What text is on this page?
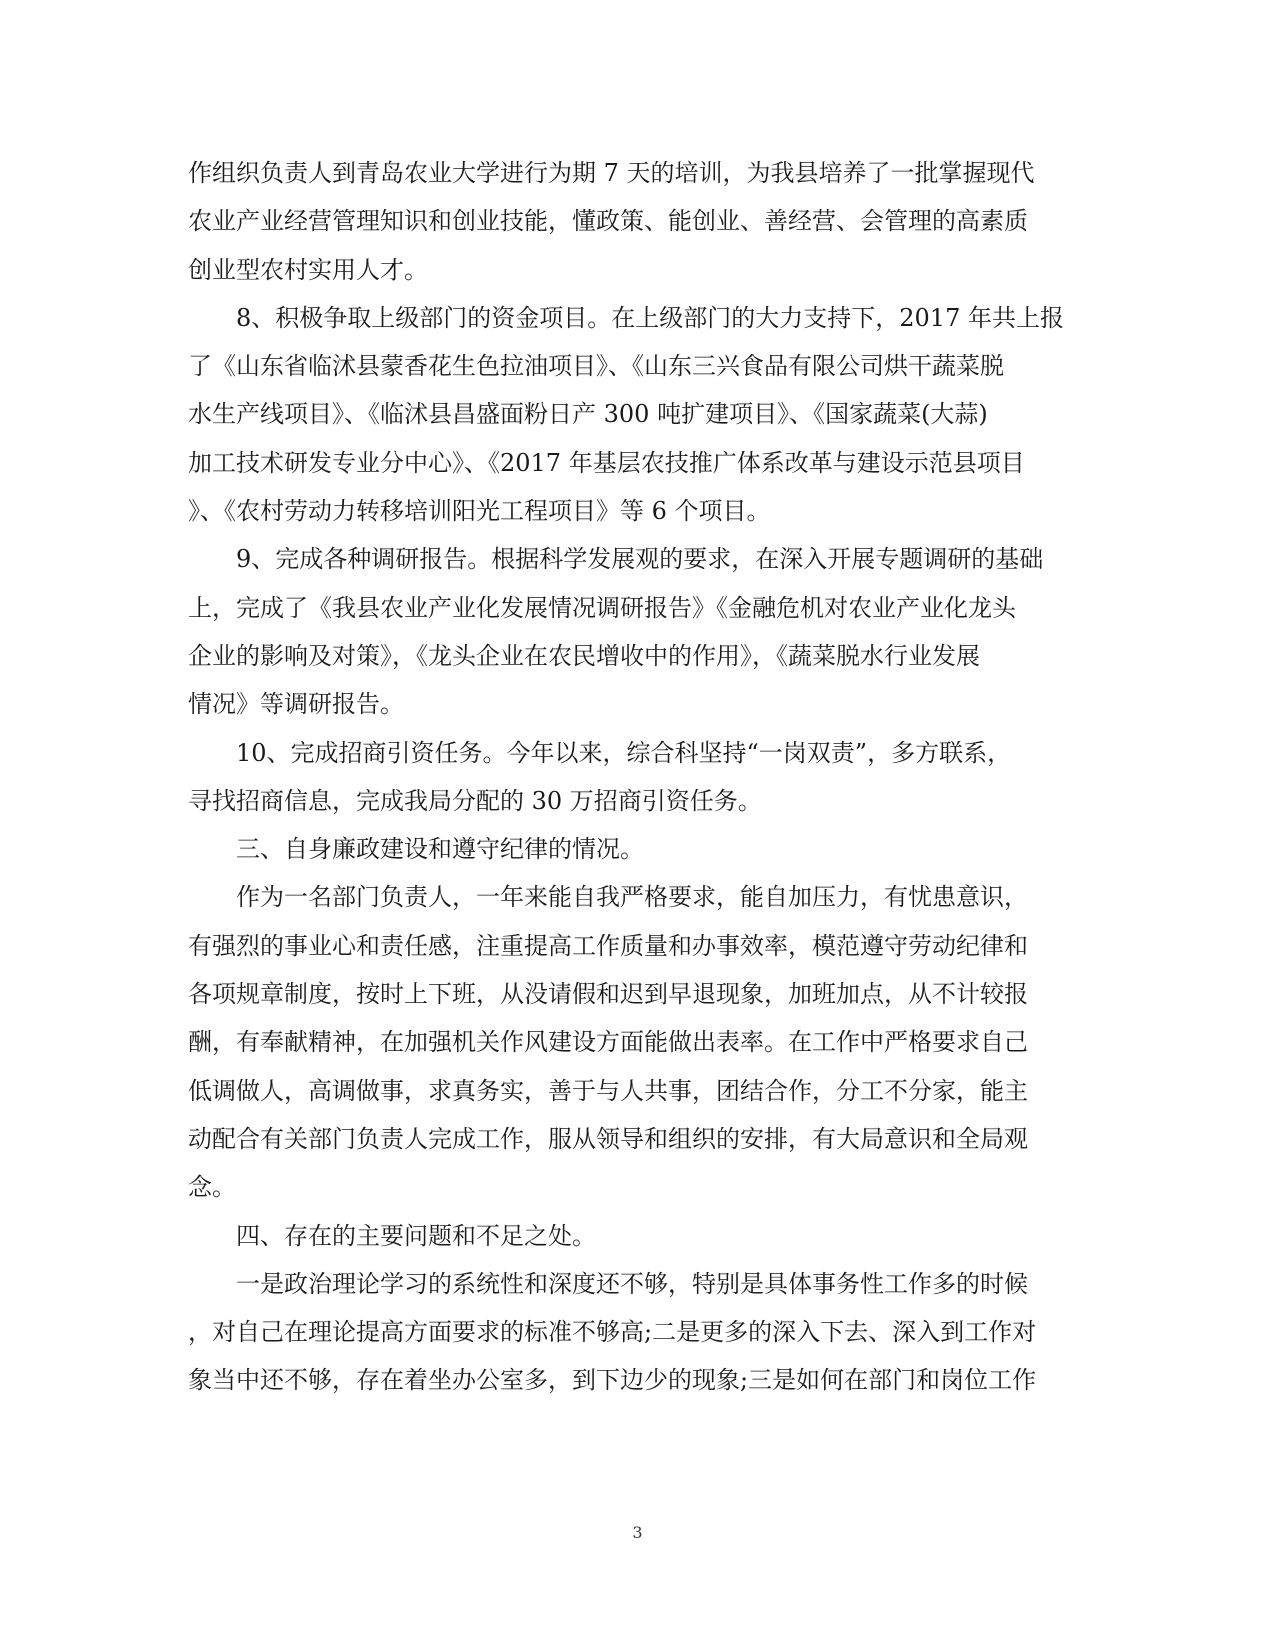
作组织负责人到青岛农业大学进行为期 7 天的培训，为我县培养了一批掌握现代
农业产业经营管理知识和创业技能，懂政策、能创业、善经营、会管理的高素质
创业型农村实用人才。
8、积极争取上级部门的资金项目。在上级部门的大力支持下，2017 年共上报
了《山东省临沭县蒙香花生色拉油项目》、《山东三兴食品有限公司烘干蔬菜脱
水生产线项目》、《临沭县昌盛面粉日产 300 吨扩建项目》、《国家蔬菜(大蒜)
加工技术研发专业分中心》、《2017 年基层农技推广体系改革与建设示范县项目
》、《农村劳动力转移培训阳光工程项目》等 6 个项目。
9、完成各种调研报告。根据科学发展观的要求，在深入开展专题调研的基础
上，完成了《我县农业产业化发展情况调研报告》《金融危机对农业产业化龙头
企业的影响及对策》，《龙头企业在农民增收中的作用》，《蔬菜脱水行业发展
情况》等调研报告。
10、完成招商引资任务。今年以来，综合科坚持“一岗双责”，多方联系，
寻找招商信息，完成我局分配的 30 万招商引资任务。
三、自身廉政建设和遵守纪律的情况。
作为一名部门负责人，一年来能自我严格要求，能自加压力，有忧患意识，
有强烈的事业心和责任感，注重提高工作质量和办事效率，模范遵守劳动纪律和
各项规章制度，按时上下班，从没请假和迟到早退现象，加班加点，从不计较报
酬，有奉献精神，在加强机关作风建设方面能做出表率。在工作中严格要求自己
低调做人，高调做事，求真务实，善于与人共事，团结合作，分工不分家，能主
动配合有关部门负责人完成工作，服从领导和组织的安排，有大局意识和全局观
念。
四、存在的主要问题和不足之处。
一是政治理论学习的系统性和深度还不够，特别是具体事务性工作多的时候
，对自己在理论提高方面要求的标准不够高;二是更多的深入下去、深入到工作对
象当中还不够，存在着坐办公室多，到下边少的现象;三是如何在部门和岗位工作
3
